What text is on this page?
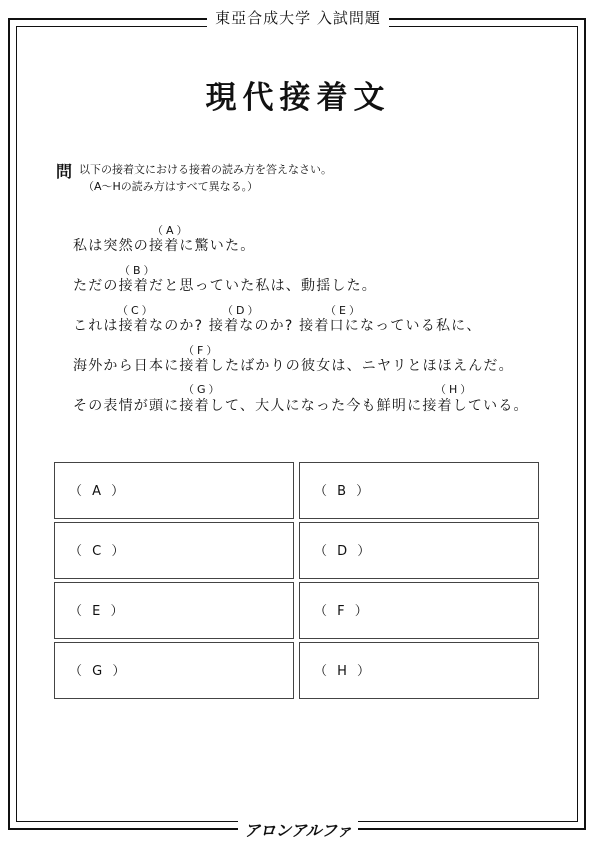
東亞合成大学 入試問題
現代接着文
問 以下の接着文における接着の読み方を答えなさい。
（A～Hの読み方はすべて異なる。）
（A）
（B）
（C）	（D）	（E）
（F）
（G）	（H）
私は突然の接着に驚いた。
ただの接着だと思っていた私は、動揺した。
これは接着なのか? 接着なのか? 接着口になっている私に、
海外から日本に接着したばかりの彼女は、ニヤリとほほえんだ。
その表情が頭に接着して、大人になった今も鮮明に接着している。
（ A ）	（ B ）
（ C ）	（ D ）
（ E ）	（ F ）
（ G ）	（ H ）
アロンアルファ
